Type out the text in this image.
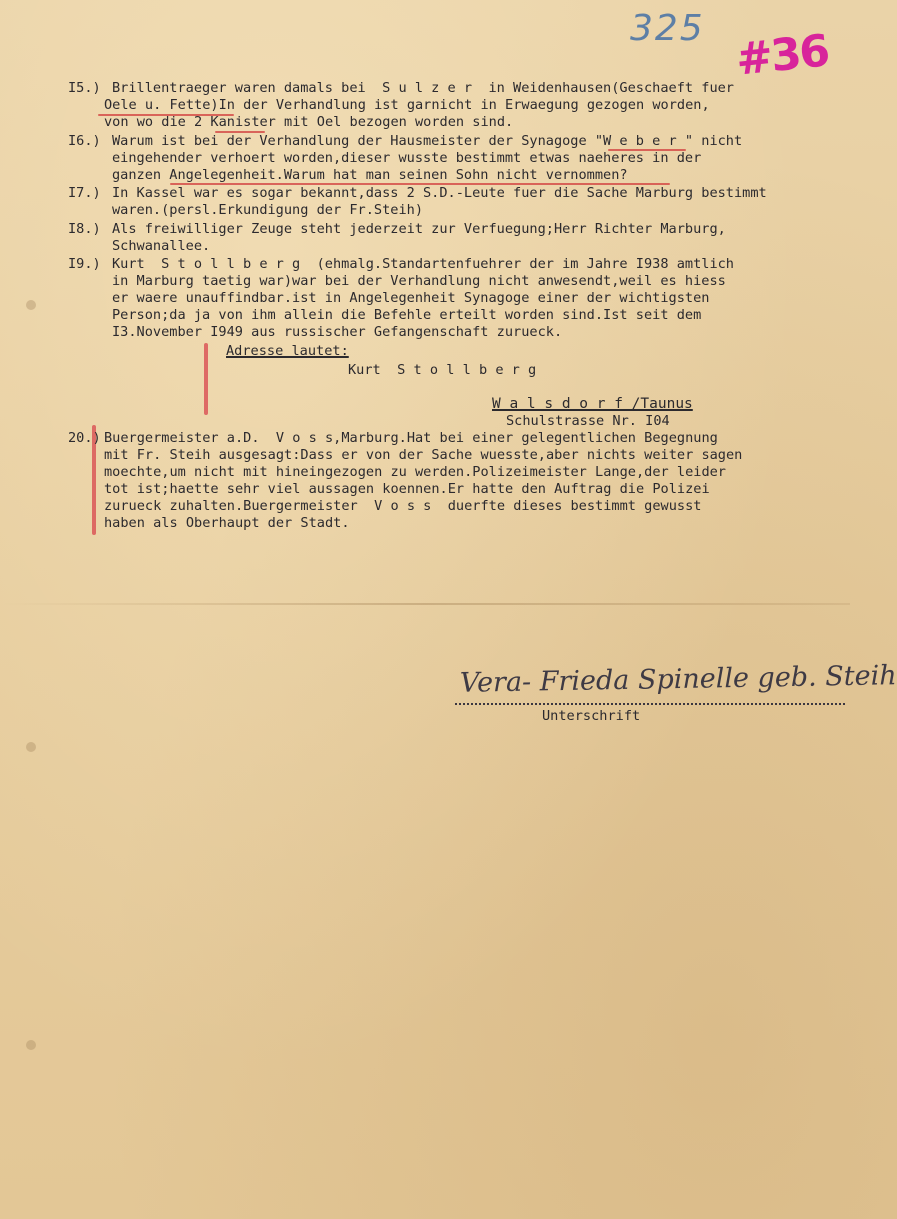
325 #36
I5.) Brillentraeger waren damals bei  S u l z e r  in Weidenhausen(Geschaeft fuer
Oele u. Fette)In der Verhandlung ist garnicht in Erwaegung gezogen worden,
von wo die 2 Kanister mit Oel bezogen worden sind.
I6.) Warum ist bei der Verhandlung der Hausmeister der Synagoge "W e b e r " nicht
eingehender verhoert worden,dieser wusste bestimmt etwas naeheres in der
ganzen Angelegenheit.Warum hat man seinen Sohn nicht vernommen?
I7.) In Kassel war es sogar bekannt,dass 2 S.D.-Leute fuer die Sache Marburg bestimmt
waren.(persl.Erkundigung der Fr.Steih)
I8.) Als freiwilliger Zeuge steht jederzeit zur Verfuegung;Herr Richter Marburg,
Schwanallee.
I9.) Kurt  S t o l l b e r g  (ehmalg.Standartenfuehrer der im Jahre I938 amtlich
in Marburg taetig war)war bei der Verhandlung nicht anwesendt,weil es hiess
er waere unauffindbar.ist in Angelegenheit Synagoge einer der wichtigsten
Person;da ja von ihm allein die Befehle erteilt worden sind.Ist seit dem
I3.November I949 aus russischer Gefangenschaft zurueck.
Adresse lautet:
Kurt  S t o l l b e r g
W a l s d o r f /Taunus
Schulstrasse Nr. I04
20.) Buergermeister a.D.  V o s s,Marburg.Hat bei einer gelegentlichen Begegnung
mit Fr. Steih ausgesagt:Dass er von der Sache wuesste,aber nichts weiter sagen
moechte,um nicht mit hineingezogen zu werden.Polizeimeister Lange,der leider
tot ist;haette sehr viel aussagen koennen.Er hatte den Auftrag die Polizei
zurueck zuhalten.Buergermeister  V o s s  duerfte dieses bestimmt gewusst
haben als Oberhaupt der Stadt.
Vera- Frieda Spinelle geb. Steih
Unterschrift
